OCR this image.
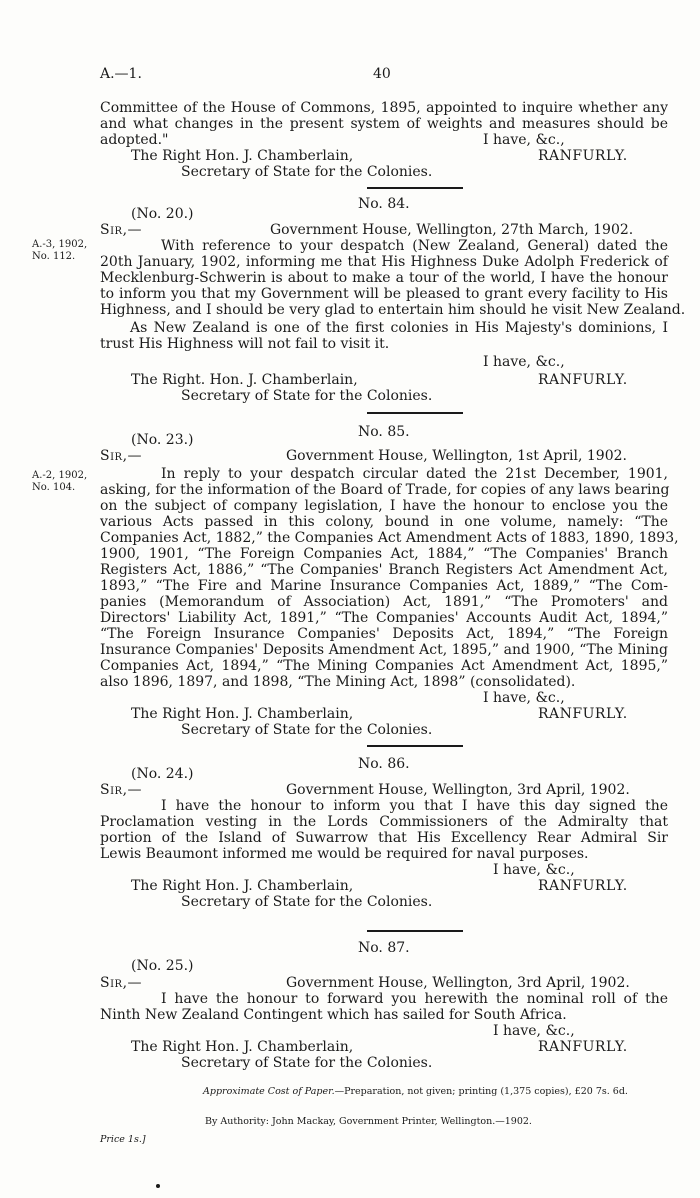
A.—1.	40
Committee of the House of Commons, 1895, appointed to inquire whether any
and what changes in the present system of weights and measures should be
adopted."	I have, &c.,
The Right Hon. J. Chamberlain,	RANFURLY.
Secretary of State for the Colonies.
No. 84.
(No. 20.)
Sir,—	Government House, Wellington, 27th March, 1902.
A.-3, 1902,
No. 112.
With reference to your despatch (New Zealand, General) dated the
20th January, 1902, informing me that His Highness Duke Adolph Frederick of
Mecklenburg-Schwerin is about to make a tour of the world, I have the honour
to inform you that my Government will be pleased to grant every facility to His
Highness, and I should be very glad to entertain him should he visit New Zealand.
As New Zealand is one of the first colonies in His Majesty's dominions, I
trust His Highness will not fail to visit it.
I have, &c.,
The Right. Hon. J. Chamberlain,	RANFURLY.
Secretary of State for the Colonies.
No. 85.
(No. 23.)
Sir,—	Government House, Wellington, 1st April, 1902.
A.-2, 1902,
No. 104.
In reply to your despatch circular dated the 21st December, 1901,
asking, for the information of the Board of Trade, for copies of any laws bearing
on the subject of company legislation, I have the honour to enclose you the
various Acts passed in this colony, bound in one volume, namely: “The
Companies Act, 1882,” the Companies Act Amendment Acts of 1883, 1890, 1893,
1900, 1901, “The Foreign Companies Act, 1884,” “The Companies' Branch
Registers Act, 1886,” “The Companies' Branch Registers Act Amendment Act,
1893,” “The Fire and Marine Insurance Companies Act, 1889,” “The Com-
panies (Memorandum of Association) Act, 1891,” “The Promoters' and
Directors' Liability Act, 1891,” “The Companies' Accounts Audit Act, 1894,”
“The Foreign Insurance Companies' Deposits Act, 1894,” “The Foreign
Insurance Companies' Deposits Amendment Act, 1895,” and 1900, “The Mining
Companies Act, 1894,” “The Mining Companies Act Amendment Act, 1895,”
also 1896, 1897, and 1898, “The Mining Act, 1898” (consolidated).
I have, &c.,
The Right Hon. J. Chamberlain,	RANFURLY.
Secretary of State for the Colonies.
No. 86.
(No. 24.)
Sir,—	Government House, Wellington, 3rd April, 1902.
I have the honour to inform you that I have this day signed the
Proclamation vesting in the Lords Commissioners of the Admiralty that
portion of the Island of Suwarrow that His Excellency Rear Admiral Sir
Lewis Beaumont informed me would be required for naval purposes.
I have, &c.,
The Right Hon. J. Chamberlain,	RANFURLY.
Secretary of State for the Colonies.
No. 87.
(No. 25.)
Sir,—	Government House, Wellington, 3rd April, 1902.
I have the honour to forward you herewith the nominal roll of the
Ninth New Zealand Contingent which has sailed for South Africa.
I have, &c.,
The Right Hon. J. Chamberlain,	RANFURLY.
Secretary of State for the Colonies.
Approximate Cost of Paper.—Preparation, not given; printing (1,375 copies), £20 7s. 6d.
By Authority: John Mackay, Government Printer, Wellington.—1902.
Price 1s.]
